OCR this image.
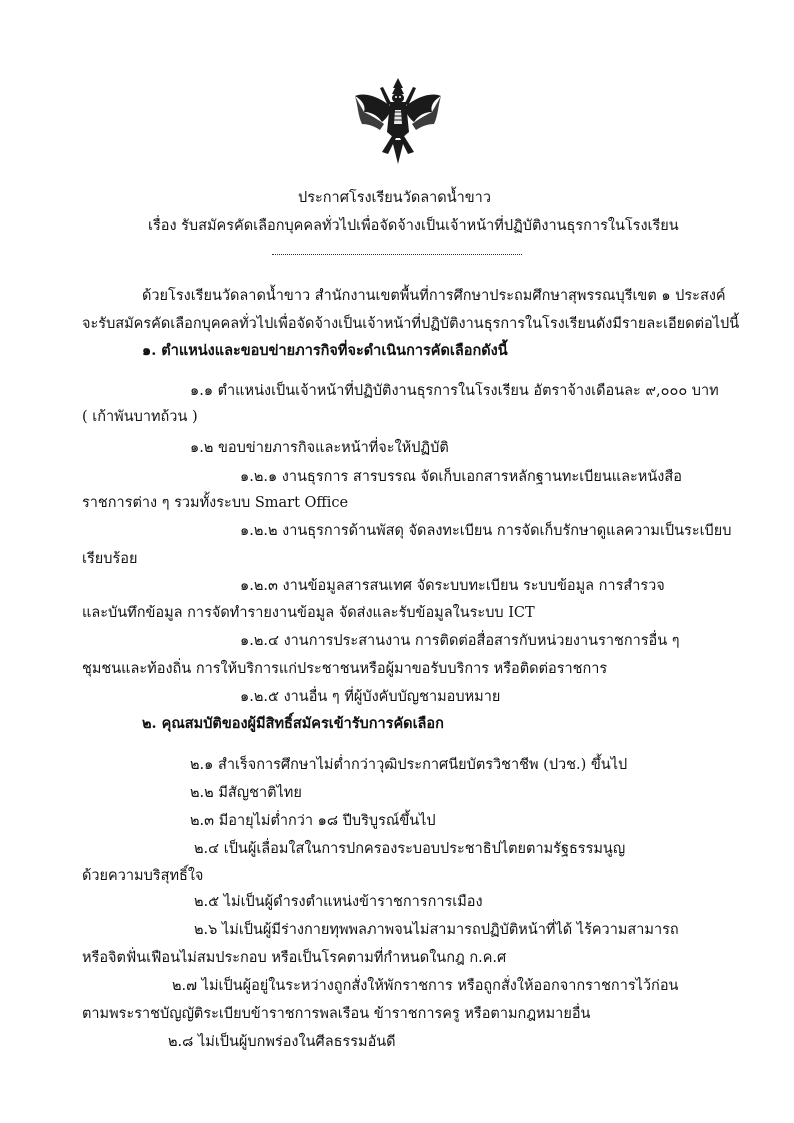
ประกาศโรงเรียนวัดลาดน้ำขาว
เรื่อง รับสมัครคัดเลือกบุคคลทั่วไปเพื่อจัดจ้างเป็นเจ้าหน้าที่ปฏิบัติงานธุรการในโรงเรียน
ด้วยโรงเรียนวัดลาดน้ำขาว สำนักงานเขตพื้นที่การศึกษาประถมศึกษาสุพรรณบุรีเขต ๑ ประสงค์
จะรับสมัครคัดเลือกบุคคลทั่วไปเพื่อจัดจ้างเป็นเจ้าหน้าที่ปฏิบัติงานธุรการในโรงเรียนดังมีรายละเอียดต่อไปนี้
๑. ตำแหน่งและขอบข่ายภารกิจที่จะดำเนินการคัดเลือกดังนี้
๑.๑ ตำแหน่งเป็นเจ้าหน้าที่ปฏิบัติงานธุรการในโรงเรียน อัตราจ้างเดือนละ ๙,๐๐๐ บาท
( เก้าพันบาทถ้วน )
๑.๒ ขอบข่ายภารกิจและหน้าที่จะให้ปฏิบัติ
๑.๒.๑ งานธุรการ สารบรรณ จัดเก็บเอกสารหลักฐานทะเบียนและหนังสือ
ราชการต่าง ๆ รวมทั้งระบบ Smart Office
๑.๒.๒ งานธุรการด้านพัสดุ จัดลงทะเบียน การจัดเก็บรักษาดูแลความเป็นระเบียบ
เรียบร้อย
๑.๒.๓ งานข้อมูลสารสนเทศ จัดระบบทะเบียน ระบบข้อมูล การสำรวจ
และบันทึกข้อมูล การจัดทำรายงานข้อมูล จัดส่งและรับข้อมูลในระบบ ICT
๑.๒.๔ งานการประสานงาน การติดต่อสื่อสารกับหน่วยงานราชการอื่น ๆ
ชุมชนและท้องถิ่น การให้บริการแก่ประชาชนหรือผู้มาขอรับบริการ หรือติดต่อราชการ
๑.๒.๕ งานอื่น ๆ ที่ผู้บังคับบัญชามอบหมาย
๒. คุณสมบัติของผู้มีสิทธิ์สมัครเข้ารับการคัดเลือก
๒.๑ สำเร็จการศึกษาไม่ต่ำกว่าวุฒิประกาศนียบัตรวิชาชีพ (ปวช.) ขึ้นไป
๒.๒ มีสัญชาติไทย
๒.๓ มีอายุไม่ต่ำกว่า ๑๘ ปีบริบูรณ์ขึ้นไป
๒.๔ เป็นผู้เลื่อมใสในการปกครองระบอบประชาธิปไตยตามรัฐธรรมนูญ
ด้วยความบริสุทธิ์ใจ
๒.๕ ไม่เป็นผู้ดำรงตำแหน่งข้าราชการการเมือง
๒.๖ ไม่เป็นผู้มีร่างกายทุพพลภาพจนไม่สามารถปฏิบัติหน้าที่ได้ ไร้ความสามารถ
หรือจิตฟั่นเฟือนไม่สมประกอบ หรือเป็นโรคตามที่กำหนดในกฎ ก.ค.ศ
๒.๗ ไม่เป็นผู้อยู่ในระหว่างถูกสั่งให้พักราชการ หรือถูกสั่งให้ออกจากราชการไว้ก่อน
ตามพระราชบัญญัติระเบียบข้าราชการพลเรือน ข้าราชการครู หรือตามกฎหมายอื่น
๒.๘ ไม่เป็นผู้บกพร่องในศีลธรรมอันดี
